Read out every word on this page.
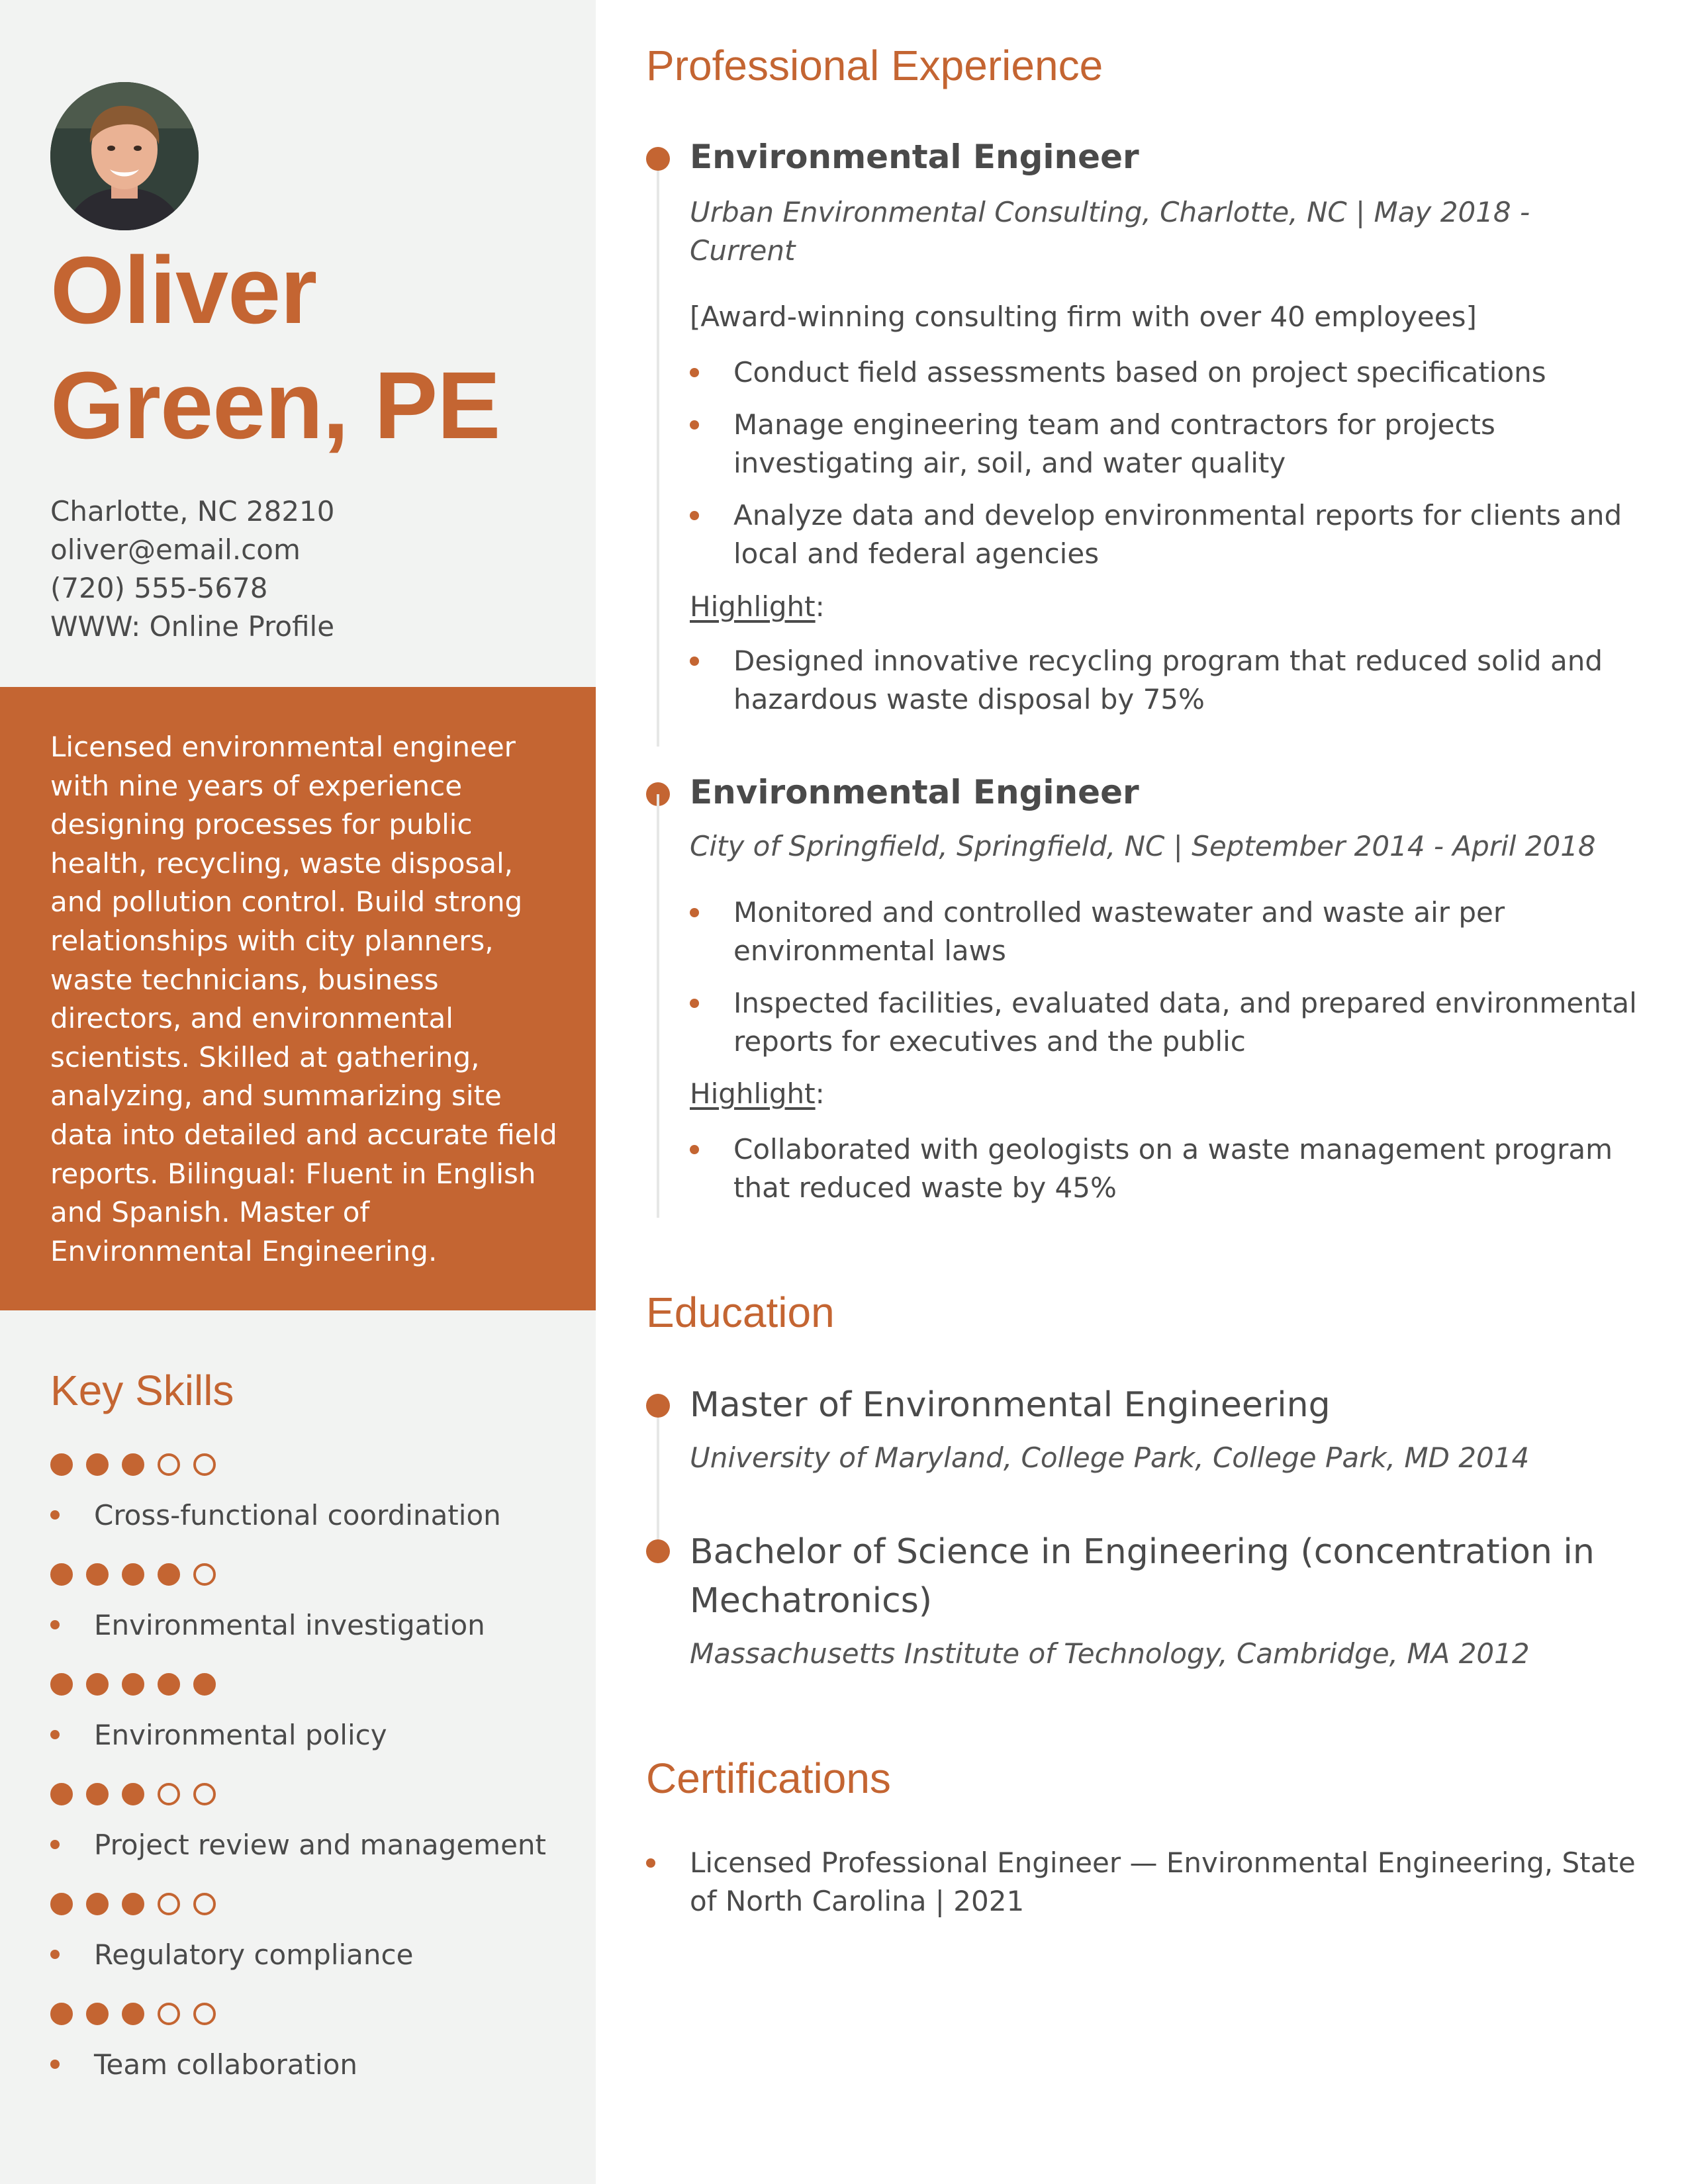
Oliver
Green, PE
Charlotte, NC 28210
oliver@email.com
(720) 555-5678
WWW: Online Profile
Licensed environmental engineer with nine years of experience designing processes for public health, recycling, waste disposal, and pollution control. Build strong relationships with city planners, waste technicians, business directors, and environmental scientists. Skilled at gathering, analyzing, and summarizing site data into detailed and accurate field reports. Bilingual: Fluent in English and Spanish. Master of Environmental Engineering.
Key Skills
Cross-functional coordination
Environmental investigation
Environmental policy
Project review and management
Regulatory compliance
Team collaboration
Professional Experience
Environmental Engineer
Urban Environmental Consulting, Charlotte, NC | May 2018 - Current
[Award-winning consulting firm with over 40 employees]
Conduct field assessments based on project specifications
Manage engineering team and contractors for projects investigating air, soil, and water quality
Analyze data and develop environmental reports for clients and local and federal agencies
Highlight:
Designed innovative recycling program that reduced solid and hazardous waste disposal by 75%
Environmental Engineer
City of Springfield, Springfield, NC | September 2014 - April 2018
Monitored and controlled wastewater and waste air per environmental laws
Inspected facilities, evaluated data, and prepared environmental reports for executives and the public
Highlight:
Collaborated with geologists on a waste management program that reduced waste by 45%
Education
Master of Environmental Engineering
University of Maryland, College Park, College Park, MD 2014
Bachelor of Science in Engineering (concentration in Mechatronics)
Massachusetts Institute of Technology, Cambridge, MA 2012
Certifications
Licensed Professional Engineer — Environmental Engineering, State of North Carolina | 2021
